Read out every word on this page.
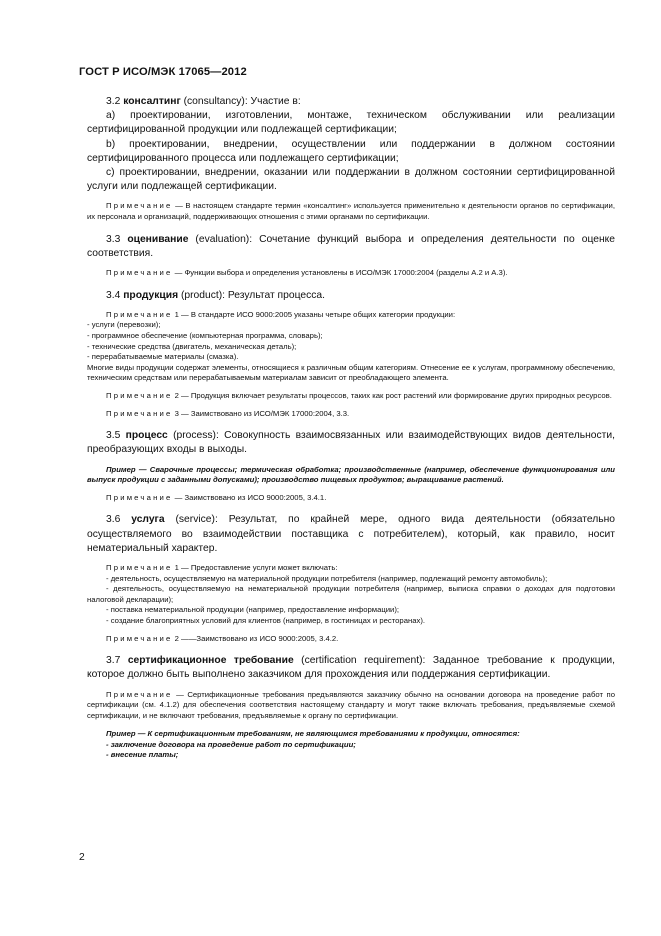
ГОСТ Р ИСО/МЭК 17065—2012

3.2 консалтинг (consultancy): Участие в:

a) проектировании, изготовлении, монтаже, техническом обслуживании или реализации сертифицированной продукции или подлежащей сертификации;

b) проектировании, внедрении, осуществлении или поддержании в должном состоянии сертифицированного процесса или подлежащего сертификации;

c) проектировании, внедрении, оказании или поддержании в должном состоянии сертифицированной услуги или подлежащей сертификации.

Примечание — В настоящем стандарте термин «консалтинг» используется применительно к деятельности органов по сертификации, их персонала и организаций, поддерживающих отношения с этими органами по сертификации.

3.3 оценивание (evaluation): Сочетание функций выбора и определения деятельности по оценке соответствия.

Примечание — Функции выбора и определения установлены в ИСО/МЭК 17000:2004 (разделы А.2 и А.3).

3.4 продукция (product): Результат процесса.

Примечание 1 — В стандарте ИСО 9000:2005 указаны четыре общих категории продукции:

- услуги (перевозки);

- программное обеспечение (компьютерная программа, словарь);

- технические средства (двигатель, механическая деталь);

- перерабатываемые материалы (смазка).

Многие виды продукции содержат элементы, относящиеся к различным общим категориям. Отнесение ее к услугам, программному обеспечению, техническим средствам или перерабатываемым материалам зависит от преобладающего элемента.

Примечание 2 — Продукция включает результаты процессов, таких как рост растений или формирование других природных ресурсов.

Примечание 3 — Заимствовано из ИСО/МЭК 17000:2004, 3.3.

3.5 процесс (process): Совокупность взаимосвязанных или взаимодействующих видов деятельности, преобразующих входы в выходы.

Пример — Сварочные процессы; термическая обработка; производственные (например, обеспечение функционирования или выпуск продукции с заданными допусками); производство пищевых продуктов; выращивание растений.

Примечание — Заимствовано из ИСО 9000:2005, 3.4.1.

3.6 услуга (service): Результат, по крайней мере, одного вида деятельности (обязательно осуществляемого во взаимодействии поставщика с потребителем), который, как правило, носит нематериальный характер.

Примечание 1 — Предоставление услуги может включать:

- деятельность, осуществляемую на материальной продукции потребителя (например, подлежащий ремонту автомобиль);

- деятельность, осуществляемую на нематериальной продукции потребителя (например, выписка справки о доходах для подготовки налоговой декларации);

- поставка нематериальной продукции (например, предоставление информации);

- создание благоприятных условий для клиентов (например, в гостиницах и ресторанах).

Примечание 2 ——Заимствовано из ИСО 9000:2005, 3.4.2.

3.7 сертификационное требование (certification requirement): Заданное требование к продукции, которое должно быть выполнено заказчиком для прохождения или поддержания сертификации.

Примечание — Сертификационные требования предъявляются заказчику обычно на основании договора на проведение работ по сертификации (см. 4.1.2) для обеспечения соответствия настоящему стандарту и могут также включать требования, предъявляемые схемой сертификации, и не включают требования, предъявляемые к органу по сертификации.

Пример — К сертификационным требованиям, не являющимся требованиями к продукции, относятся:

- заключение договора на проведение работ по сертификации;

- внесение платы;

2
